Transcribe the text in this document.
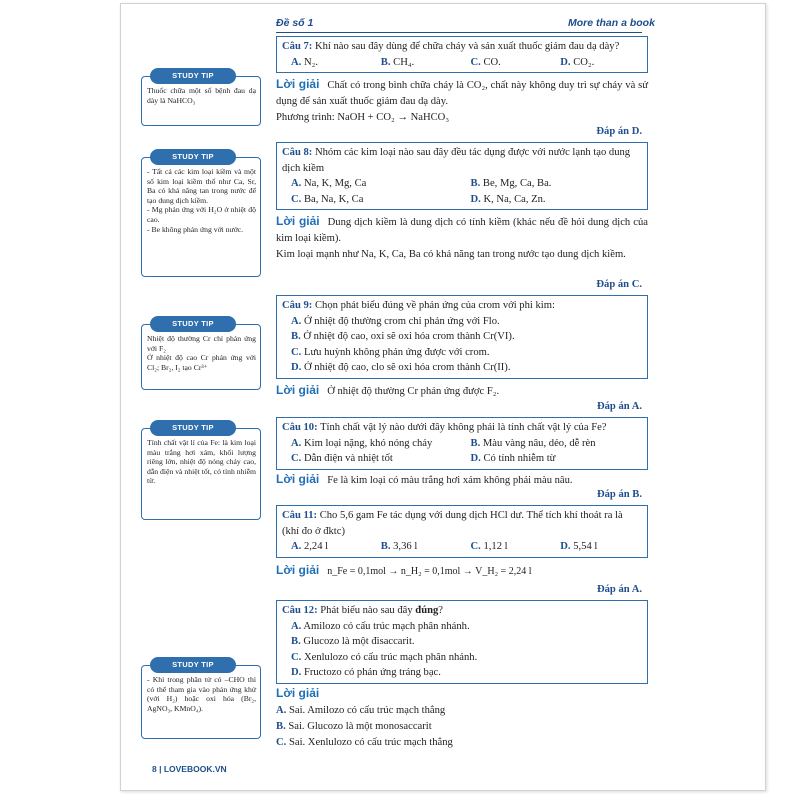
Đề số 1	More than a book

Thuốc chữa một số bệnh đau dạ dày là NaHCO₃

STUDY TIP

- Tất cả các kim loại kiềm và một số kim loại kiềm thổ như Ca, Sr, Ba có khả năng tan trong nước để tạo dung dịch kiềm.

- Mg phản ứng với H₂O ở nhiệt độ cao.

- Be không phản ứng với nước.

STUDY TIP

Nhiệt độ thường Cr chỉ phản ứng với F₂

Ở nhiệt độ cao Cr phản ứng với Cl₂; Br₂, I₂ tạo Cr³⁺

STUDY TIP

Tính chất vật lí của Fe: là kim loại màu trắng hơi xám, khối lượng riêng lớn, nhiệt độ nóng chảy cao, dẫn điện và nhiệt tốt, có tính nhiễm từ.

STUDY TIP

- Khi trong phân tử có –CHO thì có thể tham gia vào phản ứng khử (với H₂) hoặc oxi hóa (Br₂, AgNO₃, KMnO₄).

STUDY TIP
Câu 7: Khí nào sau đây dùng để chữa cháy và sản xuất thuốc giảm đau dạ dày?
A. N₂.	B. CH₄.	C. CO.	D. CO₂.

Lời giải Chất có trong bình chữa cháy là CO₂, chất này không duy trì sự cháy và sử dụng để sản xuất thuốc giảm đau dạ dày.

Phương trình: NaOH + CO₂ → NaHCO₃

Đáp án D.
Câu 8: Nhóm các kim loại nào sau đây đều tác dụng được với nước lạnh tạo dung dịch kiềm
A. Na, K, Mg, Ca	B. Be, Mg, Ca, Ba.
C. Ba, Na, K, Ca	D. K, Na, Ca, Zn.

Lời giải Dung dịch kiềm là dung dịch có tính kiềm (khác nếu đề hỏi dung dịch của kim loại kiềm).

Kim loại mạnh như Na, K, Ca, Ba có khả năng tan trong nước tạo dung dịch kiềm.

Đáp án C.
Câu 9: Chọn phát biểu đúng về phản ứng của crom với phi kim:
A. Ở nhiệt độ thường crom chỉ phản ứng với Flo.
B. Ở nhiệt độ cao, oxi sẽ oxi hóa crom thành Cr(VI).
C. Lưu huỳnh không phản ứng được với crom.
D. Ở nhiệt độ cao, clo sẽ oxi hóa crom thành Cr(II).

Lời giải Ở nhiệt độ thường Cr phản ứng được F₂.

Đáp án A.
Câu 10: Tính chất vật lý nào dưới đây không phải là tính chất vật lý của Fe?
A. Kim loại nặng, khó nóng chảy	B. Màu vàng nâu, dẻo, dễ rèn
C. Dẫn điện và nhiệt tốt	D. Có tính nhiễm từ

Lời giải Fe là kim loại có màu trắng hơi xám không phải màu nâu.

Đáp án B.
Câu 11: Cho 5,6 gam Fe tác dụng với dung dịch HCl dư. Thể tích khí thoát ra là (khí đo ở đktc)
A. 2,24 l	B. 3,36 l	C. 1,12 l	D. 5,54 l

Lời giải n_Fe = 0,1mol → n_H₂ = 0,1mol → V_H₂ = 2,24 l

Đáp án A.
Câu 12: Phát biểu nào sau đây đúng?
A. Amilozo có cấu trúc mạch phân nhánh.
B. Glucozo là một đisaccarit.
C. Xenlulozo có cấu trúc mạch phân nhánh.
D. Fructozo có phản ứng tráng bạc.

Lời giải

A. Sai. Amilozo có cấu trúc mạch thẳng

B. Sai. Glucozo là một monosaccarit

C. Sai. Xenlulozo có cấu trúc mạch thẳng

8 | LOVEBOOK.VN
